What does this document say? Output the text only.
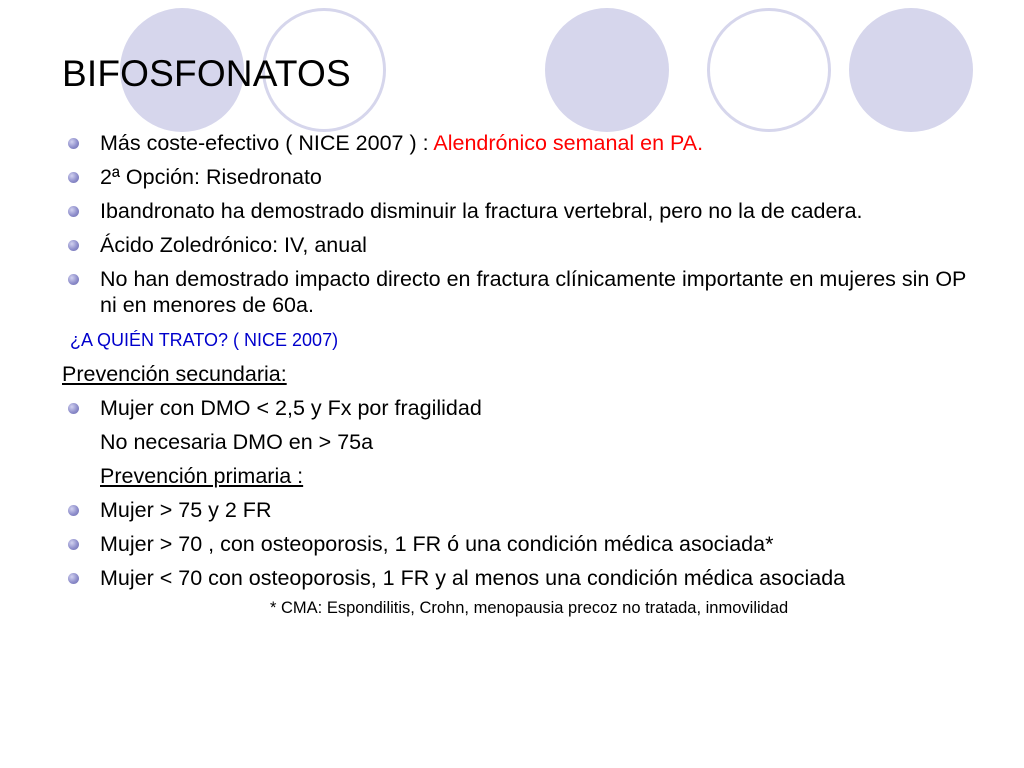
BIFOSFONATOS
Más coste-efectivo ( NICE 2007 ) : Alendrónico semanal en PA.
2ª Opción: Risedronato
Ibandronato ha demostrado disminuir la fractura vertebral, pero no la de cadera.
Ácido Zoledrónico: IV, anual
No han demostrado impacto directo en fractura clínicamente importante en mujeres sin OP ni en menores de 60a.
¿A QUIÉN TRATO? ( NICE 2007)
Prevención secundaria:
Mujer con DMO < 2,5 y Fx por fragilidad
No necesaria DMO en > 75a
Prevención primaria :
Mujer > 75 y 2 FR
Mujer > 70 , con osteoporosis, 1 FR ó una condición médica asociada*
Mujer < 70 con osteoporosis, 1 FR y al menos una condición médica asociada
* CMA: Espondilitis, Crohn, menopausia precoz no tratada, inmovilidad
